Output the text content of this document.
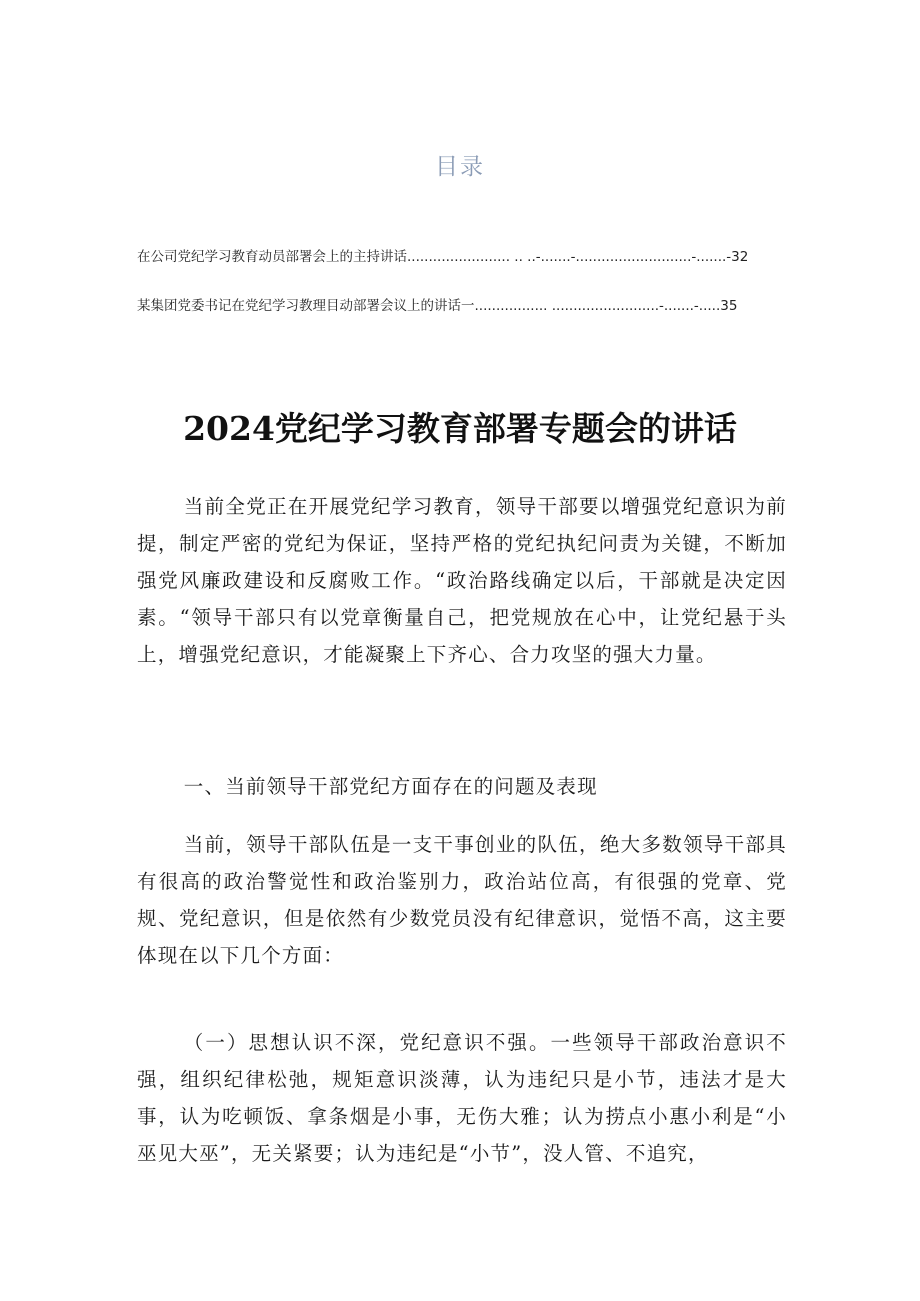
目录
在公司党纪学习教育动员部署会上的主持讲话........................ .. ..-.......-...........................-.......-32
某集团党委书记在党纪学习教理目动部署会议上的讲话一................. .........................-.......-.....35
2024党纪学习教育部署专题会的讲话
当前全党正在开展党纪学习教育，领导干部要以增强党纪意识为前提，制定严密的党纪为保证，坚持严格的党纪执纪问责为关键，不断加强党风廉政建设和反腐败工作。“政治路线确定以后，干部就是决定因素。“领导干部只有以党章衡量自己，把党规放在心中，让党纪悬于头上，增强党纪意识，才能凝聚上下齐心、合力攻坚的强大力量。
一、当前领导干部党纪方面存在的问题及表现
当前，领导干部队伍是一支干事创业的队伍，绝大多数领导干部具有很高的政治警觉性和政治鉴别力，政治站位高，有很强的党章、党规、党纪意识，但是依然有少数党员没有纪律意识，觉悟不高，这主要体现在以下几个方面：
（一）思想认识不深，党纪意识不强。一些领导干部政治意识不强，组织纪律松弛，规矩意识淡薄，认为违纪只是小节，违法才是大事，认为吃顿饭、拿条烟是小事，无伤大雅；认为捞点小惠小利是“小巫见大巫”，无关紧要；认为违纪是“小节”，没人管、不追究，
